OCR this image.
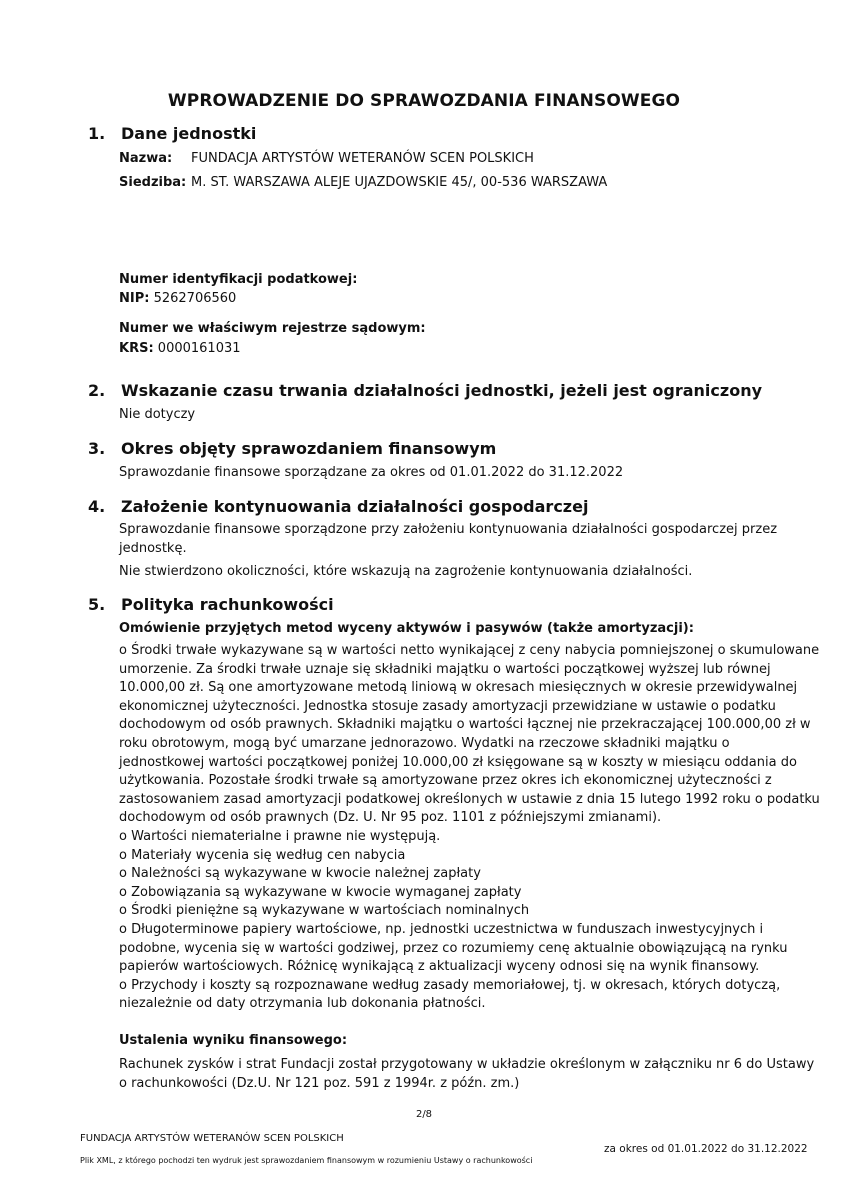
WPROWADZENIE DO SPRAWOZDANIA FINANSOWEGO
1. Dane jednostki
Nazwa: FUNDACJA ARTYSTÓW WETERANÓW SCEN POLSKICH
Siedziba: M. ST. WARSZAWA ALEJE UJAZDOWSKIE 45/, 00-536 WARSZAWA
Numer identyfikacji podatkowej:
NIP: 5262706560
Numer we właściwym rejestrze sądowym:
KRS: 0000161031
2. Wskazanie czasu trwania działalności jednostki, jeżeli jest ograniczony
Nie dotyczy
3. Okres objęty sprawozdaniem finansowym
Sprawozdanie finansowe sporządzane za okres od 01.01.2022 do 31.12.2022
4. Założenie kontynuowania działalności gospodarczej
Sprawozdanie finansowe sporządzone przy założeniu kontynuowania działalności gospodarczej przez
jednostkę.
Nie stwierdzono okoliczności, które wskazują na zagrożenie kontynuowania działalności.
5. Polityka rachunkowości
Omówienie przyjętych metod wyceny aktywów i pasywów (także amortyzacji):
o Środki trwałe wykazywane są w wartości netto wynikającej z ceny nabycia pomniejszonej o skumulowane
umorzenie. Za środki trwałe uznaje się składniki majątku o wartości początkowej wyższej lub równej
10.000,00 zł. Są one amortyzowane metodą liniową w okresach miesięcznych w okresie przewidywalnej
ekonomicznej użyteczności. Jednostka stosuje zasady amortyzacji przewidziane w ustawie o podatku
dochodowym od osób prawnych. Składniki majątku o wartości łącznej nie przekraczającej 100.000,00 zł w
roku obrotowym, mogą być umarzane jednorazowo. Wydatki na rzeczowe składniki majątku o
jednostkowej wartości początkowej poniżej 10.000,00 zł księgowane są w koszty w miesiącu oddania do
użytkowania. Pozostałe środki trwałe są amortyzowane przez okres ich ekonomicznej użyteczności z
zastosowaniem zasad amortyzacji podatkowej określonych w ustawie z dnia 15 lutego 1992 roku o podatku
dochodowym od osób prawnych (Dz. U. Nr 95 poz. 1101 z późniejszymi zmianami).
o Wartości niematerialne i prawne nie występują.
o Materiały wycenia się według cen nabycia
o Należności są wykazywane w kwocie należnej zapłaty
o Zobowiązania są wykazywane w kwocie wymaganej zapłaty
o Środki pieniężne są wykazywane w wartościach nominalnych
o Długoterminowe papiery wartościowe, np. jednostki uczestnictwa w funduszach inwestycyjnych i
podobne, wycenia się w wartości godziwej, przez co rozumiemy cenę aktualnie obowiązującą na rynku
papierów wartościowych. Różnicę wynikającą z aktualizacji wyceny odnosi się na wynik finansowy.
o Przychody i koszty są rozpoznawane według zasady memoriałowej, tj. w okresach, których dotyczą,
niezależnie od daty otrzymania lub dokonania płatności.
Ustalenia wyniku finansowego:
Rachunek zysków i strat Fundacji został przygotowany w układzie określonym w załączniku nr 6 do Ustawy
o rachunkowości (Dz.U. Nr 121 poz. 591 z 1994r. z późn. zm.)
2/8
FUNDACJA ARTYSTÓW WETERANÓW SCEN POLSKICH
Plik XML, z którego pochodzi ten wydruk jest sprawozdaniem finansowym w rozumieniu Ustawy o rachunkowości
za okres od 01.01.2022 do 31.12.2022
